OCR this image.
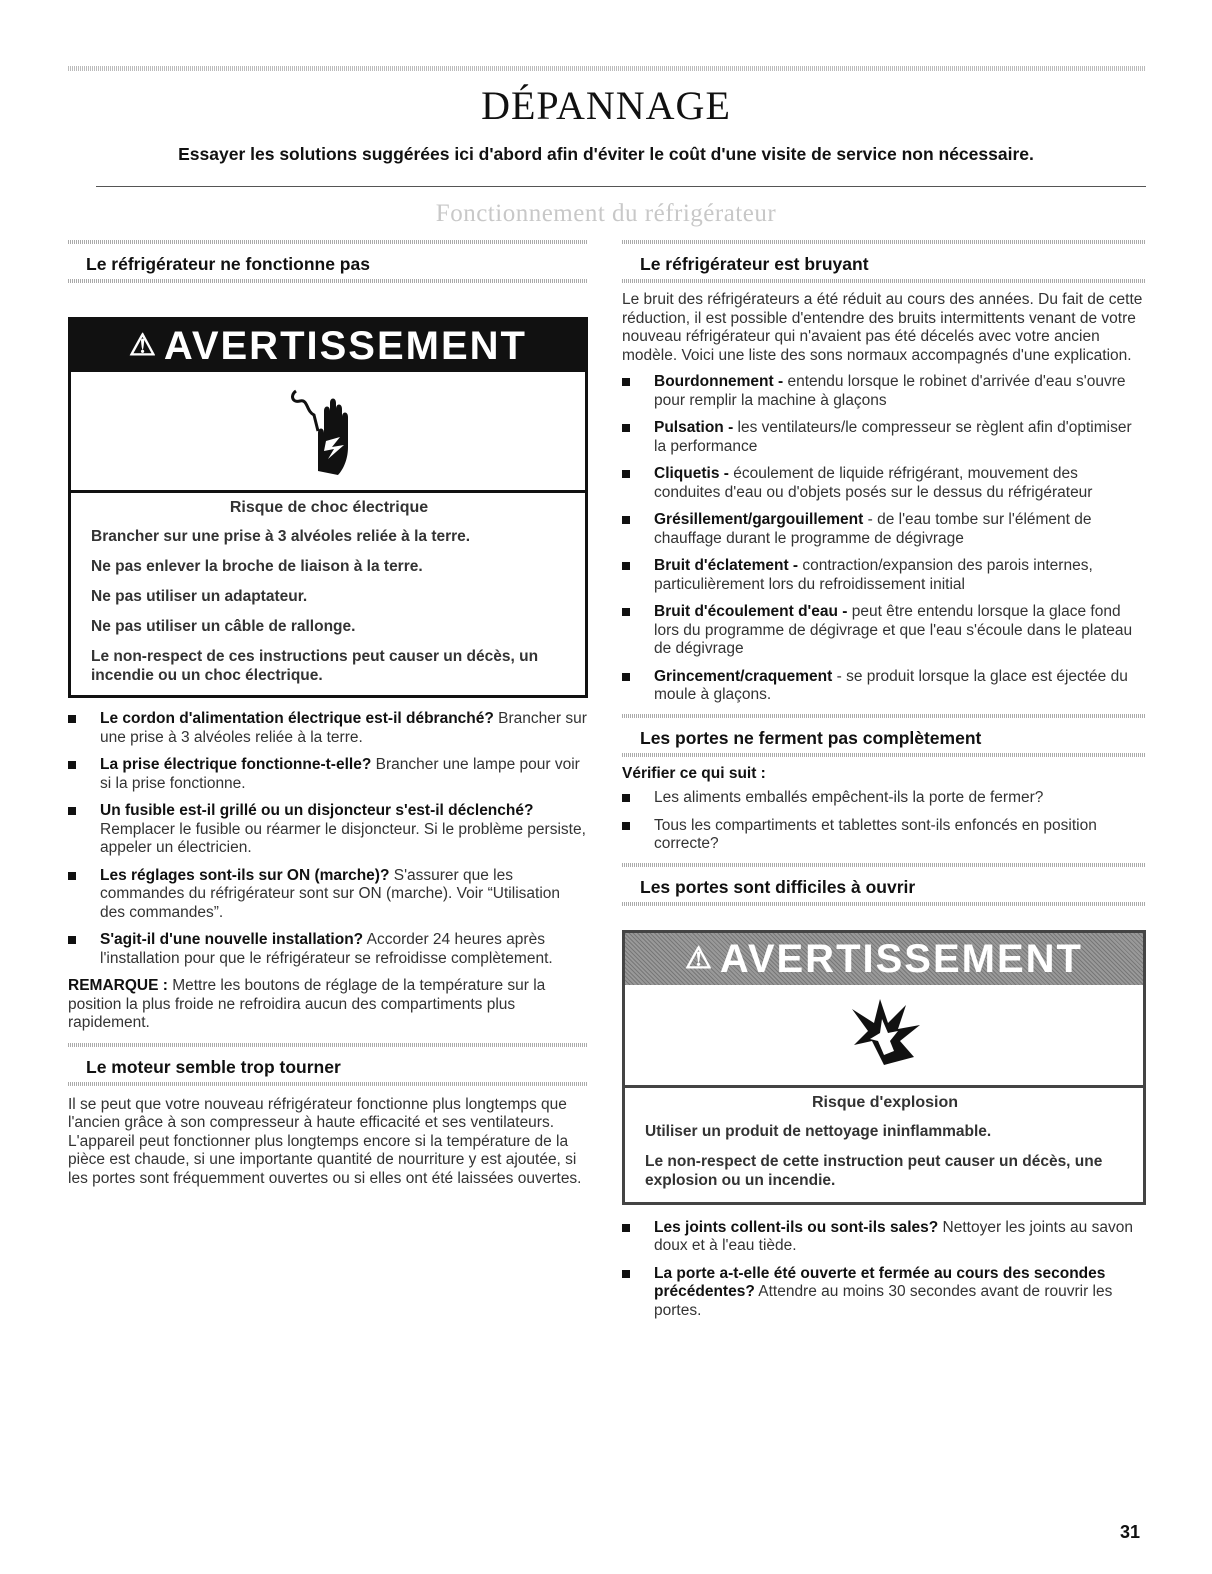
DÉPANNAGE
Essayer les solutions suggérées ici d'abord afin d'éviter le coût d'une visite de service non nécessaire.
Fonctionnement du réfrigérateur
Le réfrigérateur ne fonctionne pas
⚠ AVERTISSEMENT
Risque de choc électrique

Brancher sur une prise à 3 alvéoles reliée à la terre.

Ne pas enlever la broche de liaison à la terre.

Ne pas utiliser un adaptateur.

Ne pas utiliser un câble de rallonge.

Le non-respect de ces instructions peut causer un décès, un incendie ou un choc électrique.

Le cordon d'alimentation électrique est-il débranché? Brancher sur une prise à 3 alvéoles reliée à la terre.
La prise électrique fonctionne-t-elle? Brancher une lampe pour voir si la prise fonctionne.
Un fusible est-il grillé ou un disjoncteur s'est-il déclenché? Remplacer le fusible ou réarmer le disjoncteur. Si le problème persiste, appeler un électricien.
Les réglages sont-ils sur ON (marche)? S'assurer que les commandes du réfrigérateur sont sur ON (marche). Voir “Utilisation des commandes”.
S'agit-il d'une nouvelle installation? Accorder 24 heures après l'installation pour que le réfrigérateur se refroidisse complètement.
REMARQUE : Mettre les boutons de réglage de la température sur la position la plus froide ne refroidira aucun des compartiments plus rapidement.
Le moteur semble trop tourner
Il se peut que votre nouveau réfrigérateur fonctionne plus longtemps que l'ancien grâce à son compresseur à haute efficacité et ses ventilateurs. L'appareil peut fonctionner plus longtemps encore si la température de la pièce est chaude, si une importante quantité de nourriture y est ajoutée, si les portes sont fréquemment ouvertes ou si elles ont été laissées ouvertes.
Le réfrigérateur est bruyant
Le bruit des réfrigérateurs a été réduit au cours des années. Du fait de cette réduction, il est possible d'entendre des bruits intermittents venant de votre nouveau réfrigérateur qui n'avaient pas été décelés avec votre ancien modèle. Voici une liste des sons normaux accompagnés d'une explication.
Bourdonnement - entendu lorsque le robinet d'arrivée d'eau s'ouvre pour remplir la machine à glaçons
Pulsation - les ventilateurs/le compresseur se règlent afin d'optimiser la performance
Cliquetis - écoulement de liquide réfrigérant, mouvement des conduites d'eau ou d'objets posés sur le dessus du réfrigérateur
Grésillement/gargouillement - de l'eau tombe sur l'élément de chauffage durant le programme de dégivrage
Bruit d'éclatement - contraction/expansion des parois internes, particulièrement lors du refroidissement initial
Bruit d'écoulement d'eau - peut être entendu lorsque la glace fond lors du programme de dégivrage et que l'eau s'écoule dans le plateau de dégivrage
Grincement/craquement - se produit lorsque la glace est éjectée du moule à glaçons.
Les portes ne ferment pas complètement
Vérifier ce qui suit :
Les aliments emballés empêchent-ils la porte de fermer?
Tous les compartiments et tablettes sont-ils enfoncés en position correcte?
Les portes sont difficiles à ouvrir
⚠ AVERTISSEMENT
Risque d'explosion

Utiliser un produit de nettoyage ininflammable.

Le non-respect de cette instruction peut causer un décès, une explosion ou un incendie.

Les joints collent-ils ou sont-ils sales? Nettoyer les joints au savon doux et à l'eau tiède.
La porte a-t-elle été ouverte et fermée au cours des secondes précédentes? Attendre au moins 30 secondes avant de rouvrir les portes.
31
